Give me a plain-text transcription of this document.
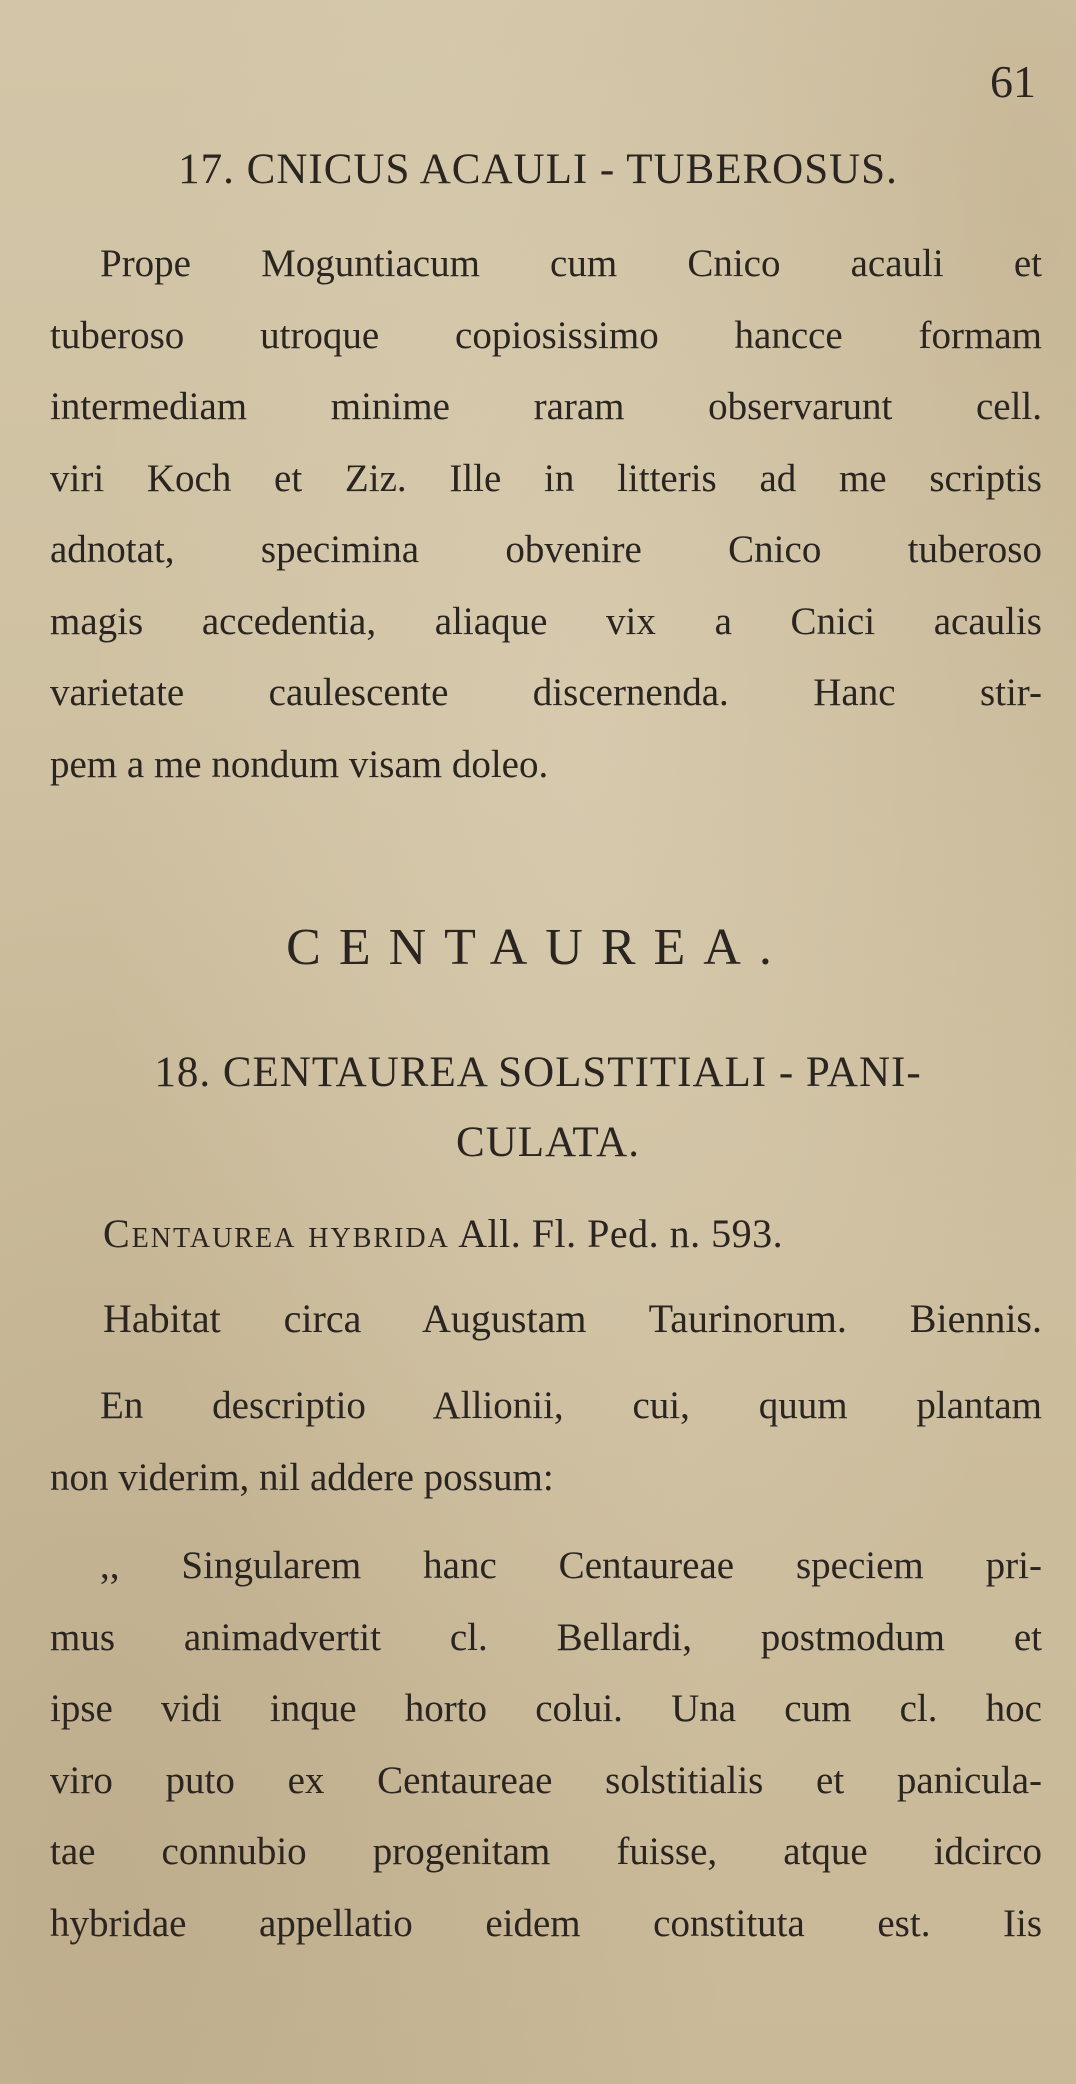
61

17. CNICUS ACAULI - TUBEROSUS.
Prope Moguntiacum cum Cnico acauli et
tuberoso utroque copiosissimo hancce formam
intermediam minime raram observarunt cell.
viri Koch et Ziz. Ille in litteris ad me scriptis
adnotat, specimina obvenire Cnico tuberoso
magis accedentia, aliaque vix a Cnici acaulis
varietate caulescente discernenda. Hanc stir-
pem a me nondum visam doleo.
CENTAUREA.
18. CENTAUREA SOLSTITIALI - PANI-
CULATA.

Centaurea hybrida All. Fl. Ped. n. 593.

Habitat circa Augustam Taurinorum. Biennis.

En descriptio Allionii, cui, quum plantam
non viderim, nil addere possum:
,, Singularem hanc Centaureae speciem pri-
mus animadvertit cl. Bellardi, postmodum et
ipse vidi inque horto colui. Una cum cl. hoc
viro puto ex Centaureae solstitialis et panicula-
tae connubio progenitam fuisse, atque idcirco
hybridae appellatio eidem constituta est. Iis
